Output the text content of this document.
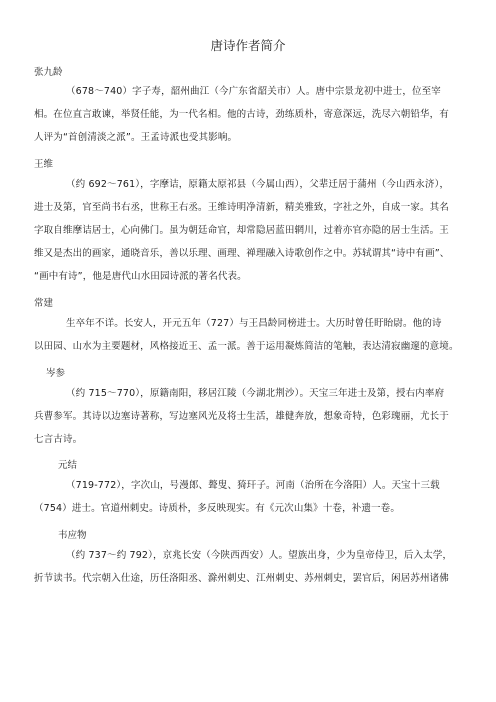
唐诗作者简介
张九龄
（678～740）字子寿，韶州曲江（今广东省韶关市）人。唐中宗景龙初中进士，位至宰
相。在位直言敢谏，举贤任能，为一代名相。他的古诗，劲练质朴，寄意深远，洗尽六朝铅华，有
人评为“首创清淡之派”。王孟诗派也受其影响。
王维
（约 692～761），字摩诘，原籍太原祁县（今属山西），父辈迁居于蒲州（今山西永济），
进士及第，官至尚书右丞，世称王右丞。王维诗明净清新，精美雅致，字社之外，自成一家。其名
字取自维摩诘居士，心向佛门。虽为朝廷命官，却常隐居蓝田辋川，过着亦官亦隐的居士生活。王
维又是杰出的画家，通晓音乐，善以乐理、画理、禅理融入诗歌创作之中。苏轼谓其“诗中有画”、
“画中有诗”，他是唐代山水田园诗派的著名代表。
常建
生卒年不详。长安人，开元五年（727）与王昌龄同榜进士。大历时曾任盱眙尉。他的诗
以田园、山水为主要题材，风格接近王、孟一派。善于运用凝炼简洁的笔触，表达清寂幽邃的意境。
岑参
（约 715～770），原籍南阳，移居江陵（今湖北荆沙）。天宝三年进士及第，授右内率府
兵曹参军。其诗以边塞诗著称，写边塞风光及将士生活，雄健奔放，想象奇特，色彩瑰丽，尤长于
七言古诗。
元结
（719-772），字次山，号漫郎、聱叟、猗玕子。河南（治所在今洛阳）人。天宝十三载
（754）进士。官道州刺史。诗质朴，多反映现实。有《元次山集》十卷，补遗一卷。
韦应物
（约 737～约 792），京兆长安（今陕西西安）人。望族出身，少为皇帝侍卫，后入太学，
折节读书。代宗朝入仕途，历任洛阳丞、滁州刺史、江州刺史、苏州刺史，罢官后，闲居苏州诸佛
